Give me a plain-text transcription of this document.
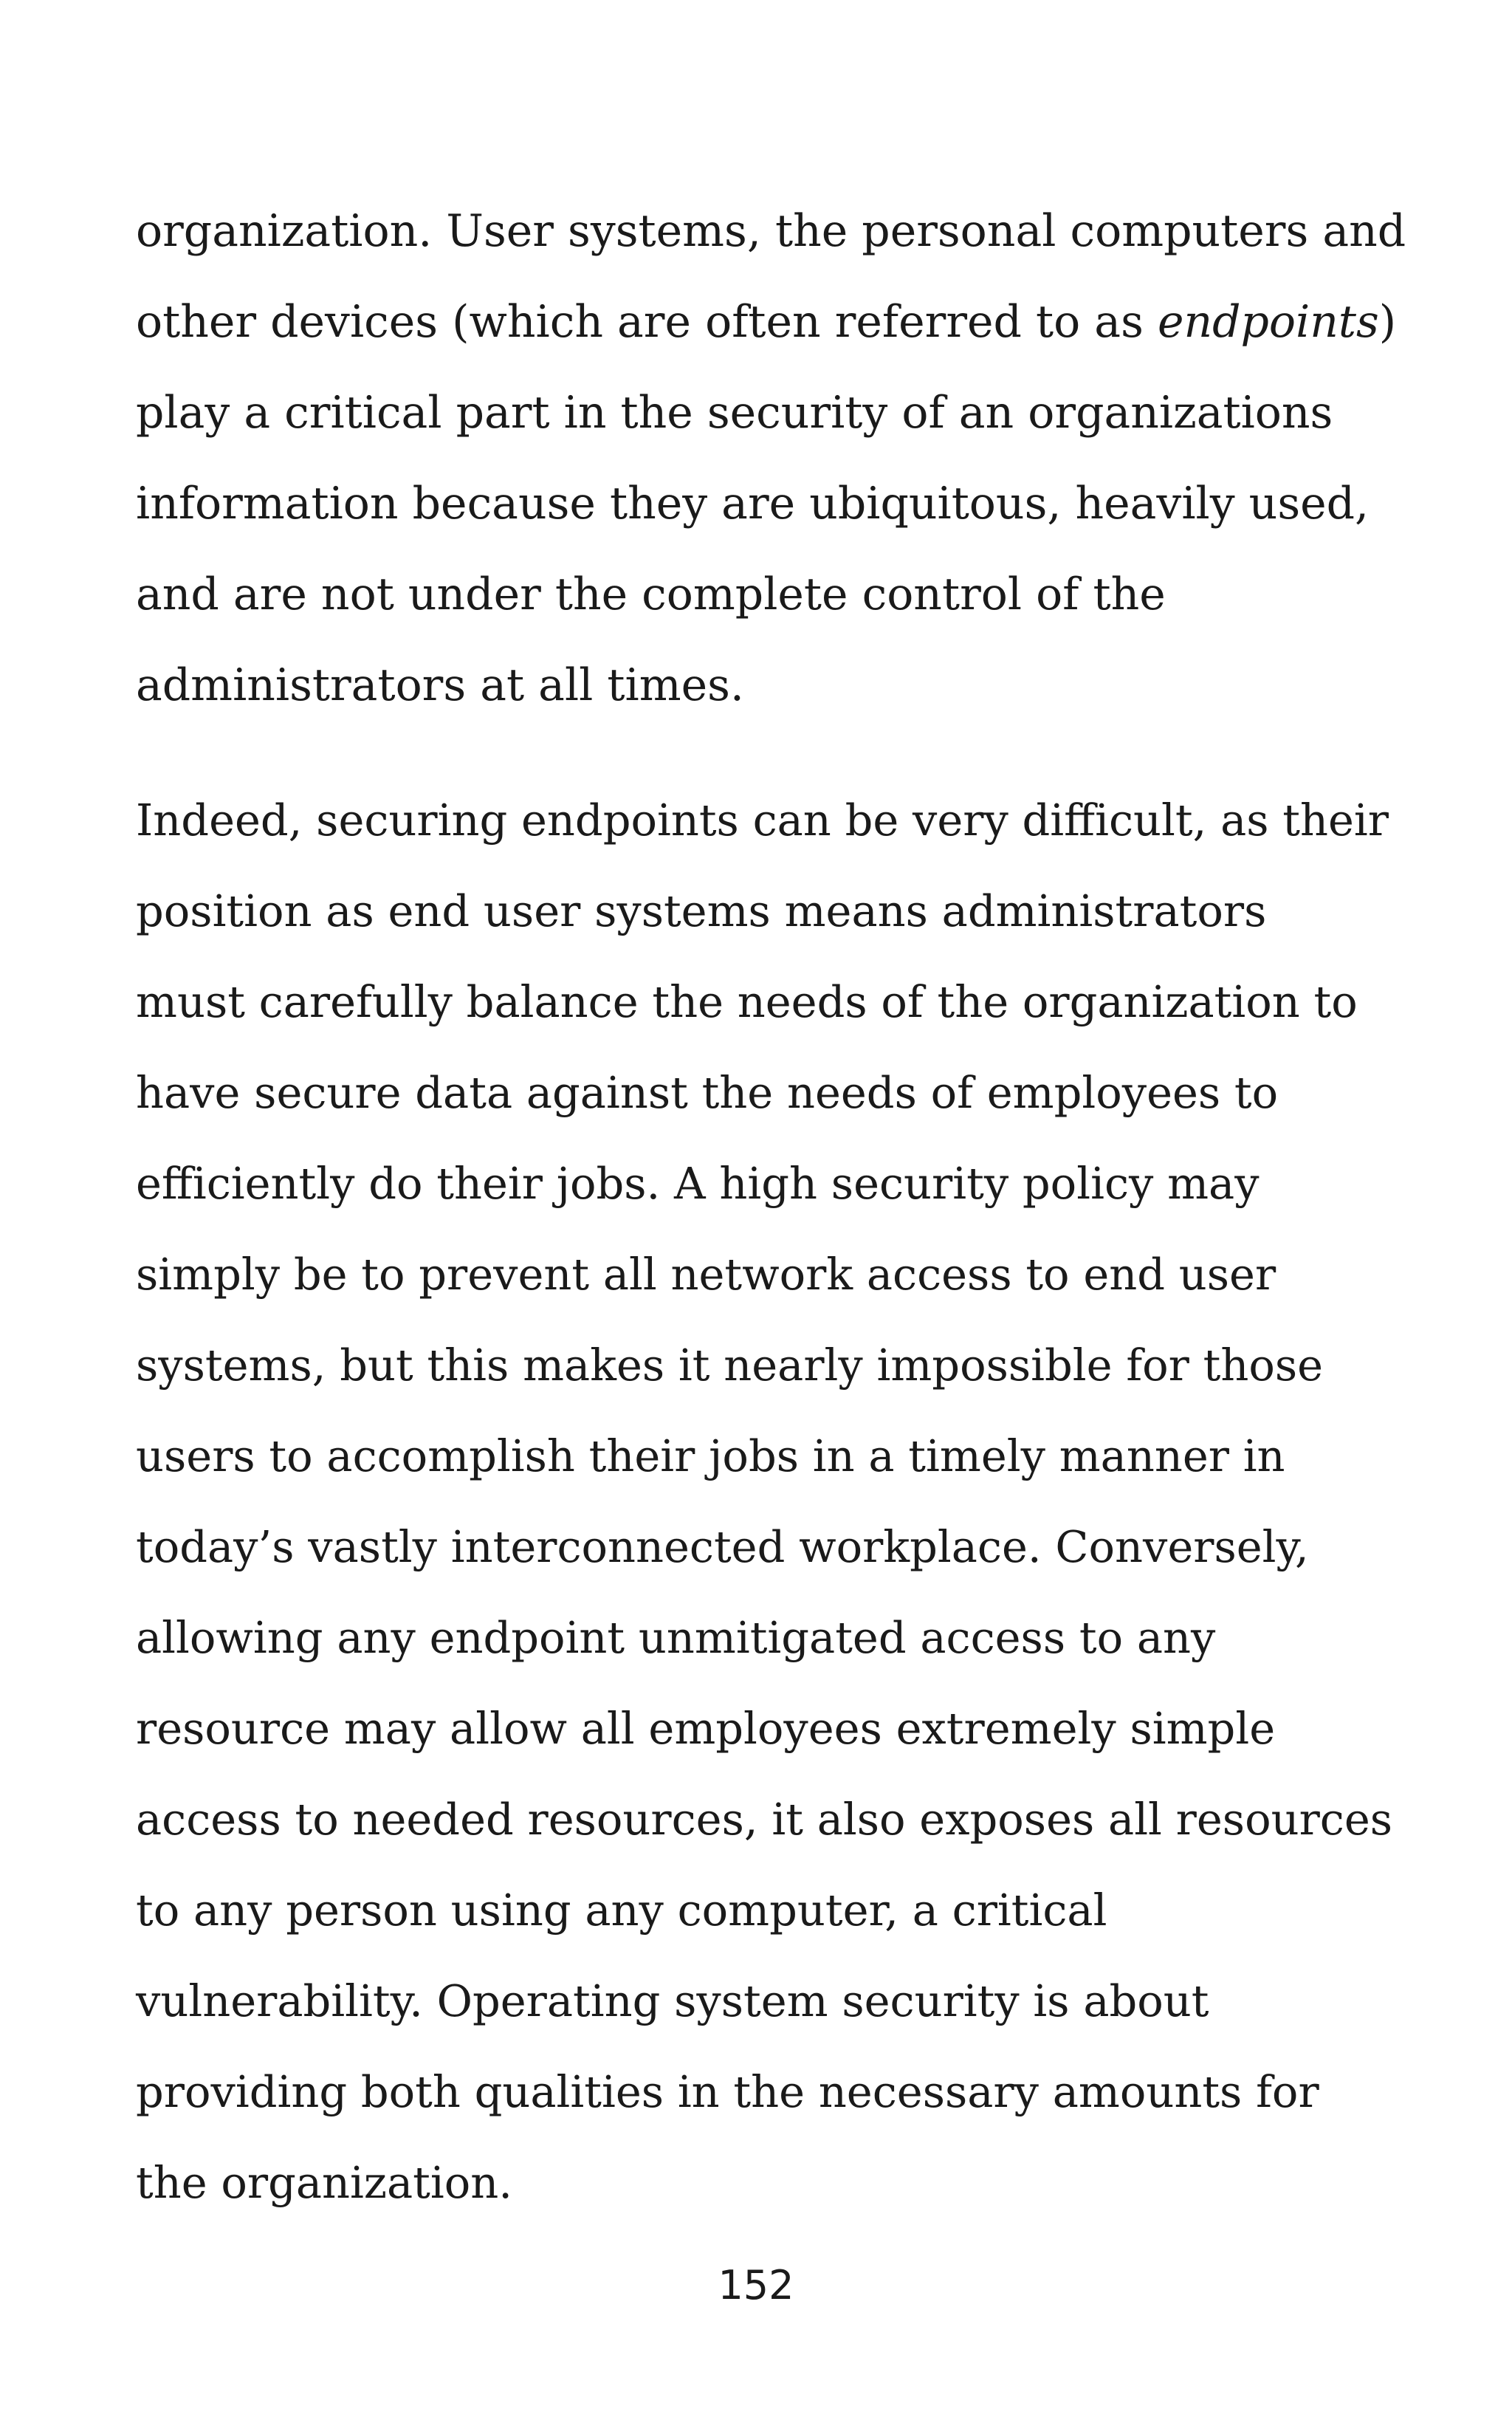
organization. User systems, the personal computers and
other devices (which are often referred to as endpoints)
play a critical part in the security of an organizations
information because they are ubiquitous, heavily used,
and are not under the complete control of the
administrators at all times.
Indeed, securing endpoints can be very difficult, as their
position as end user systems means administrators
must carefully balance the needs of the organization to
have secure data against the needs of employees to
efficiently do their jobs. A high security policy may
simply be to prevent all network access to end user
systems, but this makes it nearly impossible for those
users to accomplish their jobs in a timely manner in
today’s vastly interconnected workplace. Conversely,
allowing any endpoint unmitigated access to any
resource may allow all employees extremely simple
access to needed resources, it also exposes all resources
to any person using any computer, a critical
vulnerability. Operating system security is about
providing both qualities in the necessary amounts for
the organization.
152
